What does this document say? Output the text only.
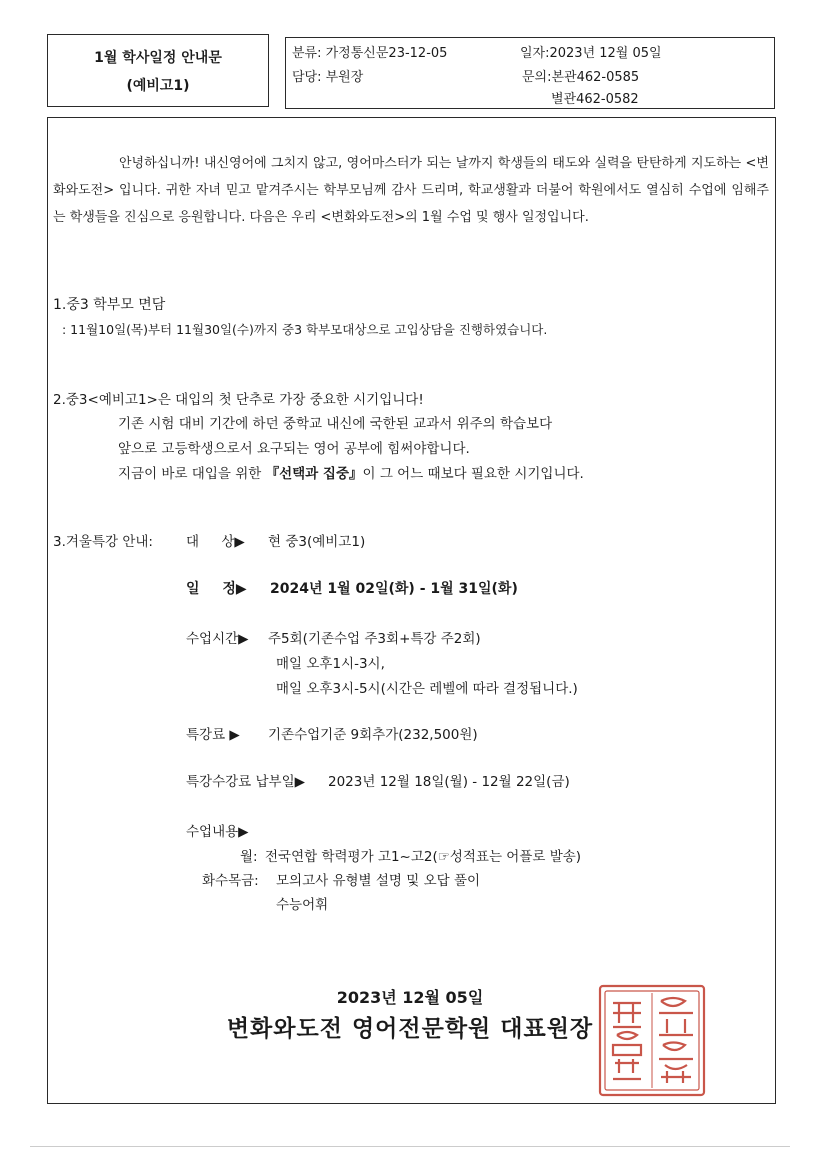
1월 학사일정 안내문
(예비고1)
분류: 가정통신문23-12-05	일자:2023년 12월 05일
담당: 부원장	문의:본관462-0585
별관462-0582
안녕하십니까! 내신영어에 그치지 않고, 영어마스터가 되는 날까지 학생들의 태도와 실력을 탄탄하게 지도하는 <변화와도전> 입니다. 귀한 자녀 믿고 맡겨주시는 학부모님께 감사 드리며, 학교생활과 더불어 학원에서도 열심히 수업에 임해주는 학생들을 진심으로 응원합니다. 다음은 우리 <변화와도전>의 1월 수업 및 행사 일정입니다.
1.중3 학부모 면담
: 11월10일(목)부터 11월30일(수)까지 중3 학부모대상으로 고입상담을 진행하였습니다.
2.중3<예비고1>은 대입의 첫 단추로 가장 중요한 시기입니다!
기존 시험 대비 기간에 하던 중학교 내신에 국한된 교과서 위주의 학습보다
앞으로 고등학생으로서 요구되는 영어 공부에 힘써야합니다.
지금이 바로 대입을 위한 『선택과 집중』이 그 어느 때보다 필요한 시기입니다.
3.겨울특강 안내: 대 상▶ 현 중3(예비고1)
일 정▶ 2024년 1월 02일(화) - 1월 31일(화)
수업시간▶ 주5회(기존수업 주3회+특강 주2회)
매일 오후1시-3시,
매일 오후3시-5시(시간은 레벨에 따라 결정됩니다.)
특강료 ▶ 기존수업기준 9회추가(232,500원)
특강수강료 납부일▶ 2023년 12월 18일(월) - 12월 22일(금)
수업내용▶
월: 전국연합 학력평가 고1~고2(☞성적표는 어플로 발송)
화수목금: 모의고사 유형별 설명 및 오답 풀이
수능어휘
2023년 12월 05일
변화와도전 영어전문학원 대표원장
